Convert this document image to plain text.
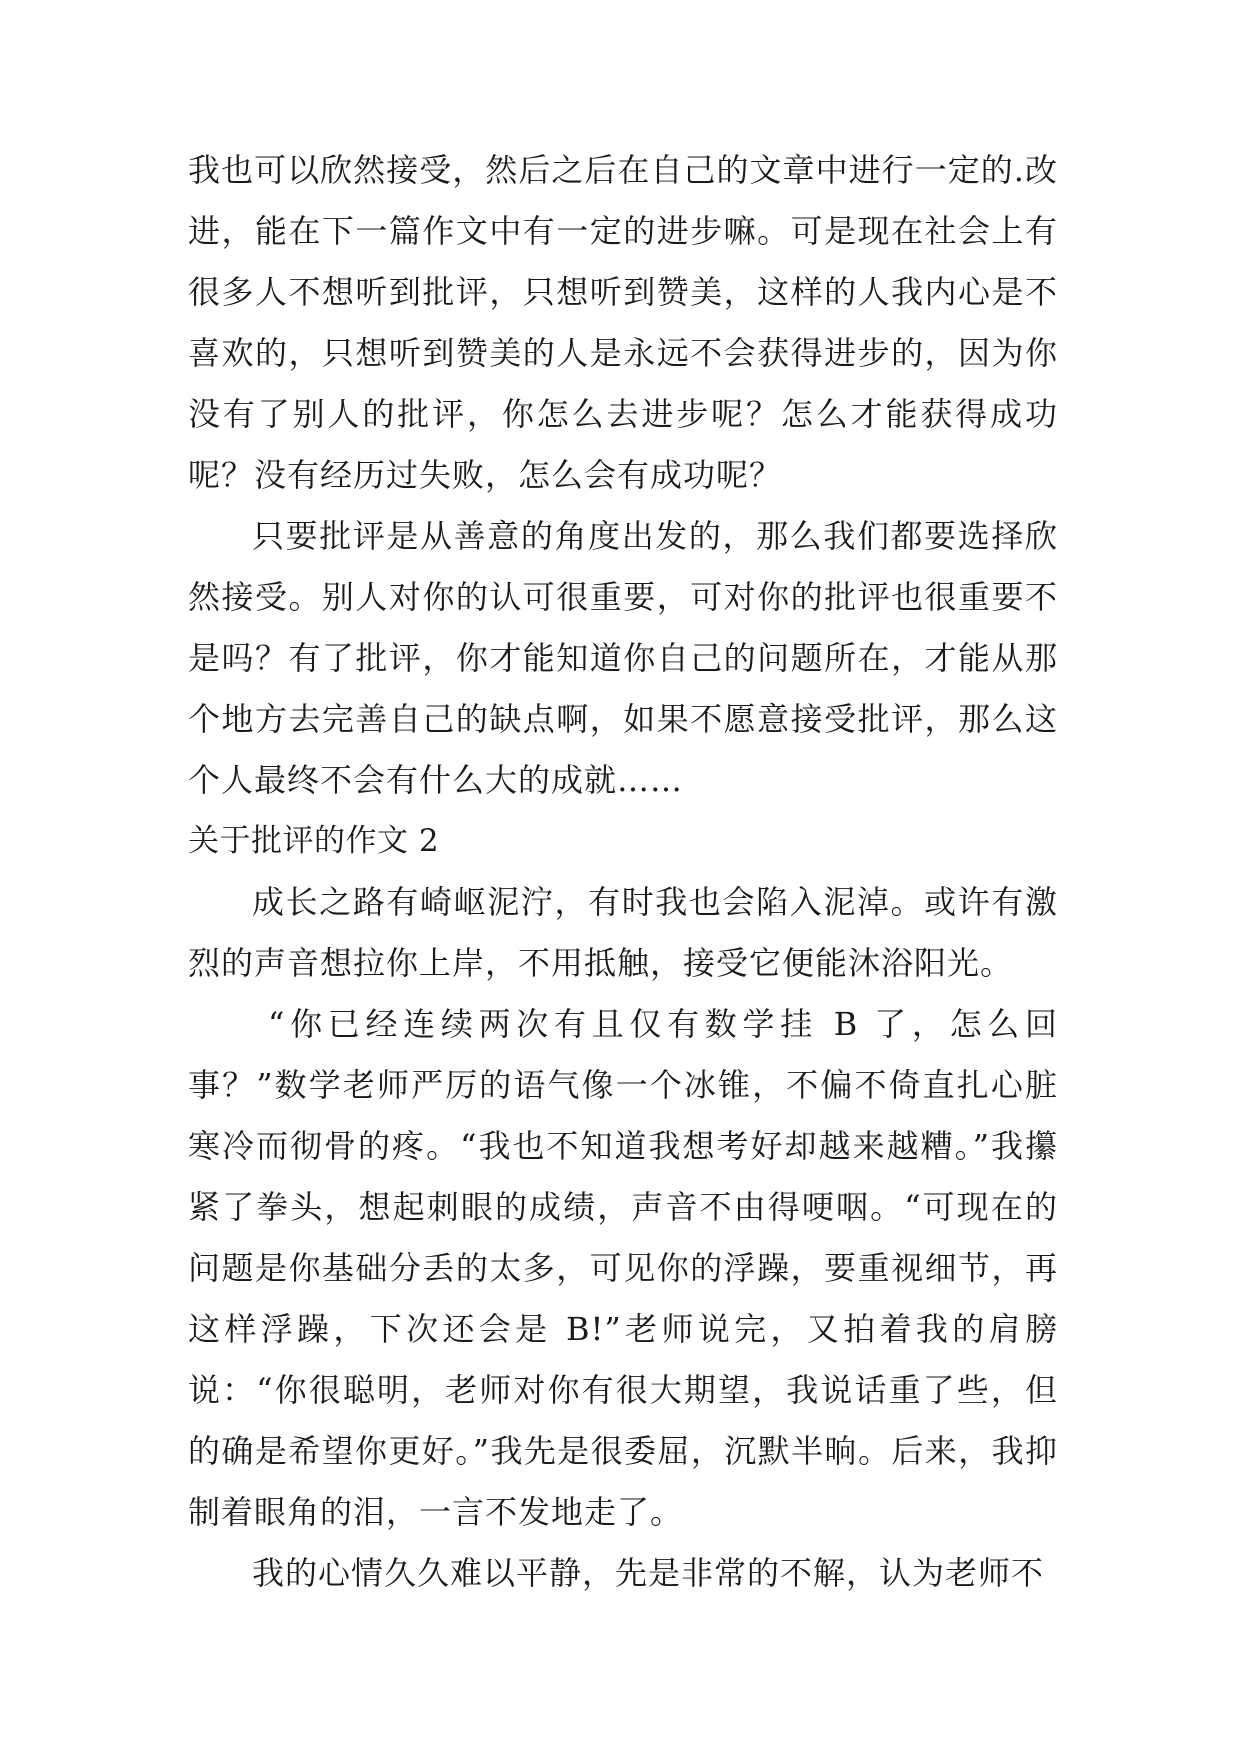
我也可以欣然接受，然后之后在自己的文章中进行一定的.改进，能在下一篇作文中有一定的进步嘛。可是现在社会上有很多人不想听到批评，只想听到赞美，这样的人我内心是不喜欢的，只想听到赞美的人是永远不会获得进步的，因为你没有了别人的批评，你怎么去进步呢？怎么才能获得成功呢？没有经历过失败，怎么会有成功呢？

只要批评是从善意的角度出发的，那么我们都要选择欣然接受。别人对你的认可很重要，可对你的批评也很重要不是吗？有了批评，你才能知道你自己的问题所在，才能从那个地方去完善自己的缺点啊，如果不愿意接受批评，那么这个人最终不会有什么大的成就……

关于批评的作文 2

成长之路有崎岖泥泞，有时我也会陷入泥淖。或许有激烈的声音想拉你上岸，不用抵触，接受它便能沐浴阳光。

“你已经连续两次有且仅有数学挂 B 了，怎么回事？”数学老师严厉的语气像一个冰锥，不偏不倚直扎心脏寒冷而彻骨的疼。“我也不知道我想考好却越来越糟。”我攥紧了拳头，想起刺眼的成绩，声音不由得哽咽。“可现在的问题是你基础分丢的太多，可见你的浮躁，要重视细节，再这样浮躁，下次还会是 B!”老师说完，又拍着我的肩膀说：“你很聪明，老师对你有很大期望，我说话重了些，但的确是希望你更好。”我先是很委屈，沉默半晌。后来，我抑制着眼角的泪，一言不发地走了。

我的心情久久难以平静，先是非常的不解，认为老师不
